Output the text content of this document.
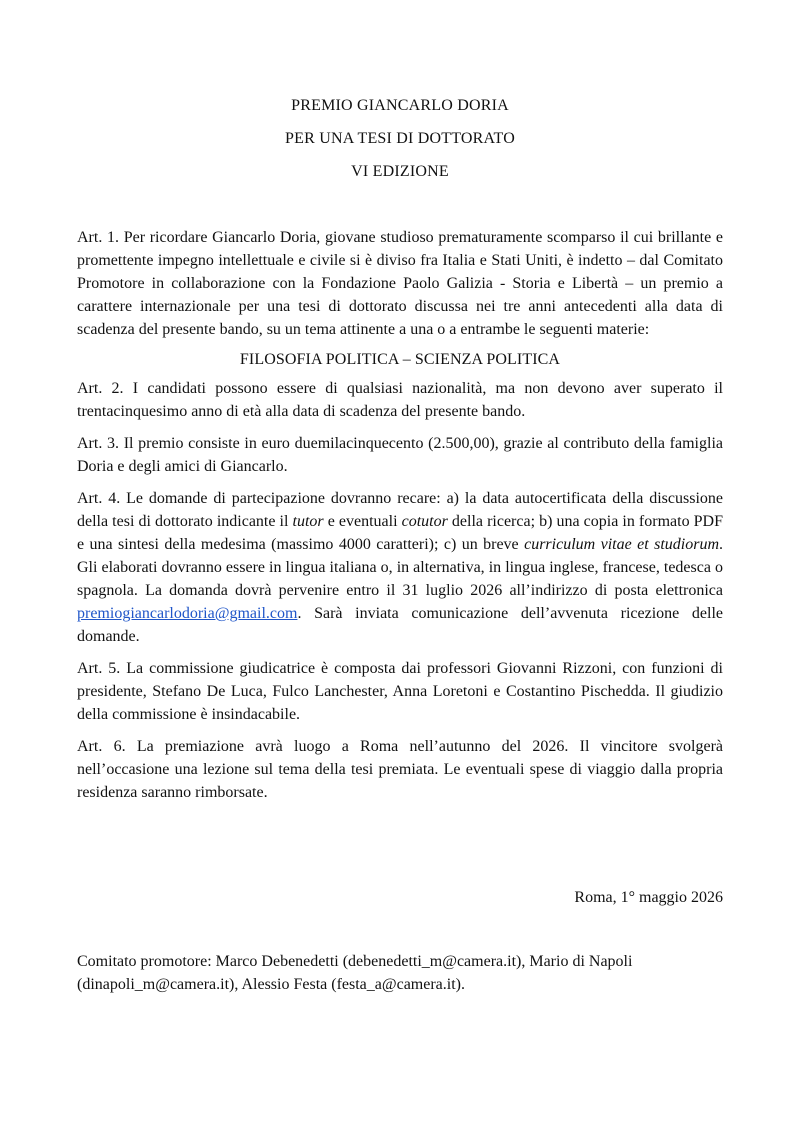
PREMIO GIANCARLO DORIA
PER UNA TESI DI DOTTORATO
VI EDIZIONE

Art. 1. Per ricordare Giancarlo Doria, giovane studioso prematuramente scomparso il cui brillante e promettente impegno intellettuale e civile si è diviso fra Italia e Stati Uniti, è indetto – dal Comitato Promotore in collaborazione con la Fondazione Paolo Galizia - Storia e Libertà – un premio a carattere internazionale per una tesi di dottorato discussa nei tre anni antecedenti alla data di scadenza del presente bando, su un tema attinente a una o a entrambe le seguenti materie:

FILOSOFIA POLITICA – SCIENZA POLITICA

Art. 2. I candidati possono essere di qualsiasi nazionalità, ma non devono aver superato il trentacinquesimo anno di età alla data di scadenza del presente bando.

Art. 3. Il premio consiste in euro duemilacinquecento (2.500,00), grazie al contributo della famiglia Doria e degli amici di Giancarlo.

Art. 4. Le domande di partecipazione dovranno recare: a) la data autocertificata della discussione della tesi di dottorato indicante il tutor e eventuali cotutor della ricerca; b) una copia in formato PDF e una sintesi della medesima (massimo 4000 caratteri); c) un breve curriculum vitae et studiorum. Gli elaborati dovranno essere in lingua italiana o, in alternativa, in lingua inglese, francese, tedesca o spagnola. La domanda dovrà pervenire entro il 31 luglio 2026 all’indirizzo di posta elettronica premiogiancarlodoria@gmail.com. Sarà inviata comunicazione dell’avvenuta ricezione delle domande.

Art. 5. La commissione giudicatrice è composta dai professori Giovanni Rizzoni, con funzioni di presidente, Stefano De Luca, Fulco Lanchester, Anna Loretoni e Costantino Pischedda. Il giudizio della commissione è insindacabile.

Art. 6. La premiazione avrà luogo a Roma nell’autunno del 2026. Il vincitore svolgerà nell’occasione una lezione sul tema della tesi premiata. Le eventuali spese di viaggio dalla propria residenza saranno rimborsate.

Roma, 1° maggio 2026
Comitato promotore: Marco Debenedetti (debenedetti_m@camera.it), Mario di Napoli (dinapoli_m@camera.it), Alessio Festa (festa_a@camera.it).
